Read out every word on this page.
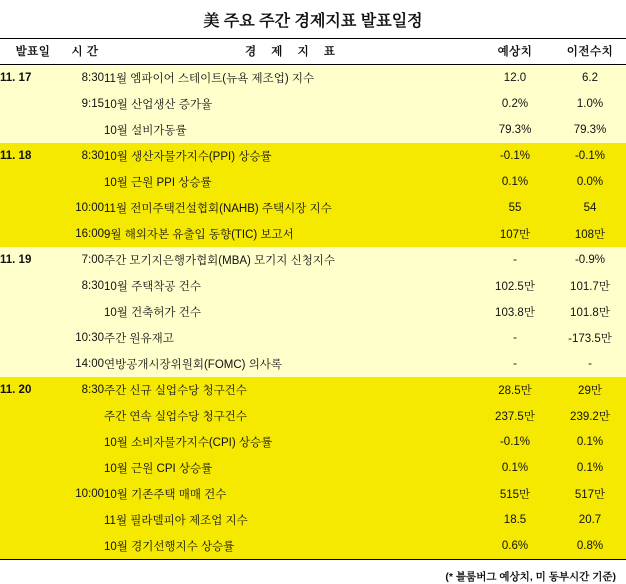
美 주요 주간 경제지표 발표일정
발표일	시 간	경 제 지 표	예상치	이전수치
11. 17	8:30	11월 엠파이어 스테이트(뉴욕 제조업) 지수	12.0	6.2
	9:15	10월 산업생산 증가율	0.2%	1.0%
		10월 설비가동률	79.3%	79.3%
11. 18	8:30	10월 생산자물가지수(PPI) 상승률	-0.1%	-0.1%
		10월 근원 PPI 상승률	0.1%	0.0%
	10:00	11월 전미주택건설협회(NAHB) 주택시장 지수	55	54
	16:00	9월 해외자본 유출입 동향(TIC) 보고서	107만	108만
11. 19	7:00	주간 모기지은행가협회(MBA) 모기지 신청지수	-	-0.9%
	8:30	10월 주택착공 건수	102.5만	101.7만
		10월 건축허가 건수	103.8만	101.8만
	10:30	주간 원유재고	-	-173.5만
	14:00	연방공개시장위원회(FOMC) 의사록	-	-
11. 20	8:30	주간 신규 실업수당 청구건수	28.5만	29만
		주간 연속 실업수당 청구건수	237.5만	239.2만
		10월 소비자물가지수(CPI) 상승률	-0.1%	0.1%
		10월 근원 CPI 상승률	0.1%	0.1%
	10:00	10월 기존주택 매매 건수	515만	517만
		11월 필라델피아 제조업 지수	18.5	20.7
		10월 경기선행지수 상승률	0.6%	0.8%
(* 블룸버그 예상치, 미 동부시간 기준)
